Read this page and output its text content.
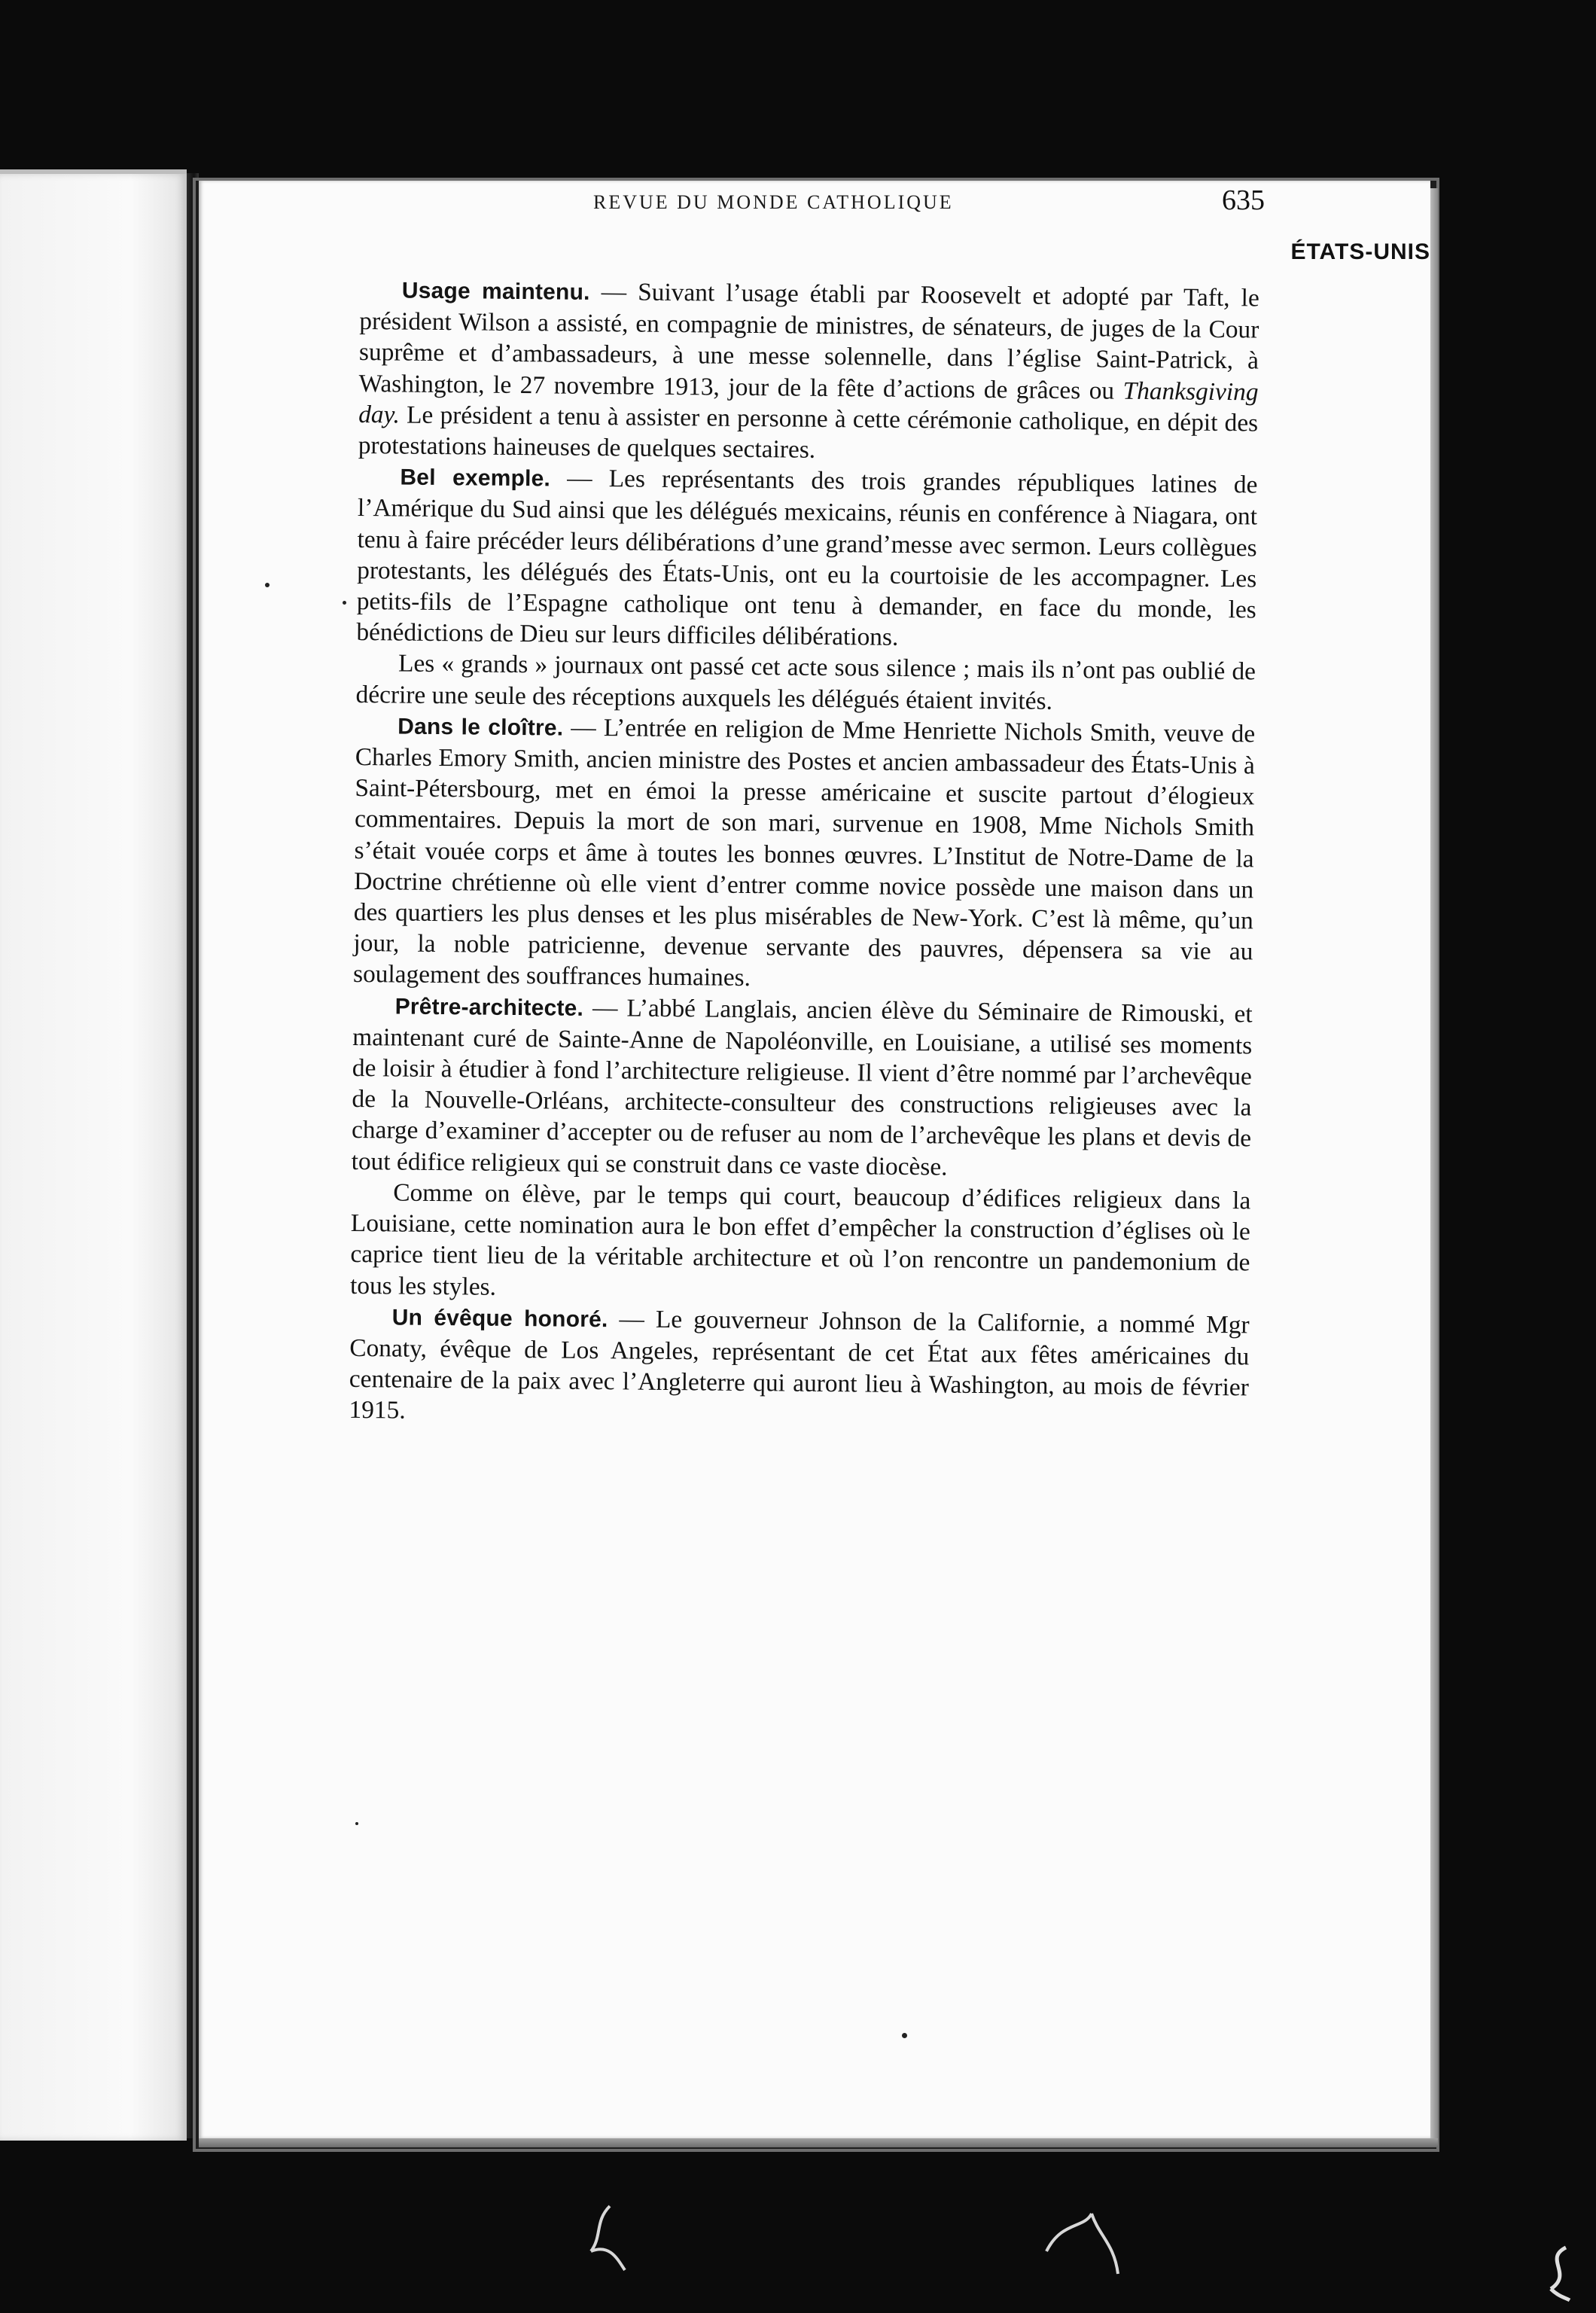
REVUE DU MONDE CATHOLIQUE	635
ÉTATS-UNIS

Usage maintenu. — Suivant l’usage établi par Roosevelt et adopté par Taft, le président Wilson a assisté, en compagnie de ministres, de sénateurs, de juges de la Cour suprême et d’ambassadeurs, à une messe solennelle, dans l’église Saint-Patrick, à Washington, le 27 novembre 1913, jour de la fête d’actions de grâces ou Thanksgiving day. Le président a tenu à assister en personne à cette cérémonie catholique, en dépit des protestations haineuses de quelques sectaires.

Bel exemple. — Les représentants des trois grandes républiques latines de l’Amérique du Sud ainsi que les délégués mexicains, réunis en conférence à Niagara, ont tenu à faire précéder leurs délibérations d’une grand’messe avec sermon. Leurs collègues protestants, les délégués des États-Unis, ont eu la courtoisie de les accompagner. Les petits-fils de l’Espagne catholique ont tenu à demander, en face du monde, les bénédictions de Dieu sur leurs difficiles délibérations.

Les « grands » journaux ont passé cet acte sous silence ; mais ils n’ont pas oublié de décrire une seule des réceptions auxquels les délégués étaient invités.

Dans le cloître. — L’entrée en religion de Mme Henriette Nichols Smith, veuve de Charles Emory Smith, ancien ministre des Postes et ancien ambassadeur des États-Unis à Saint-Pétersbourg, met en émoi la presse américaine et suscite partout d’élogieux commentaires. Depuis la mort de son mari, survenue en 1908, Mme Nichols Smith s’était vouée corps et âme à toutes les bonnes œuvres. L’Institut de Notre-Dame de la Doctrine chrétienne où elle vient d’entrer comme novice possède une maison dans un des quartiers les plus denses et les plus misérables de New-York. C’est là même, qu’un jour, la noble patricienne, devenue servante des pauvres, dépensera sa vie au soulagement des souffrances humaines.

Prêtre-architecte. — L’abbé Langlais, ancien élève du Séminaire de Rimouski, et maintenant curé de Sainte-Anne de Napoléonville, en Louisiane, a utilisé ses moments de loisir à étudier à fond l’architecture religieuse. Il vient d’être nommé par l’archevêque de la Nouvelle-Orléans, architecte-consulteur des constructions religieuses avec la charge d’examiner d’accepter ou de refuser au nom de l’archevêque les plans et devis de tout édifice religieux qui se construit dans ce vaste diocèse.

Comme on élève, par le temps qui court, beaucoup d’édifices religieux dans la Louisiane, cette nomination aura le bon effet d’empêcher la construction d’églises où le caprice tient lieu de la véritable architecture et où l’on rencontre un pandemonium de tous les styles.

Un évêque honoré. — Le gouverneur Johnson de la Californie, a nommé Mgr Conaty, évêque de Los Angeles, représentant de cet État aux fêtes américaines du centenaire de la paix avec l’Angleterre qui auront lieu à Washington, au mois de février 1915.
